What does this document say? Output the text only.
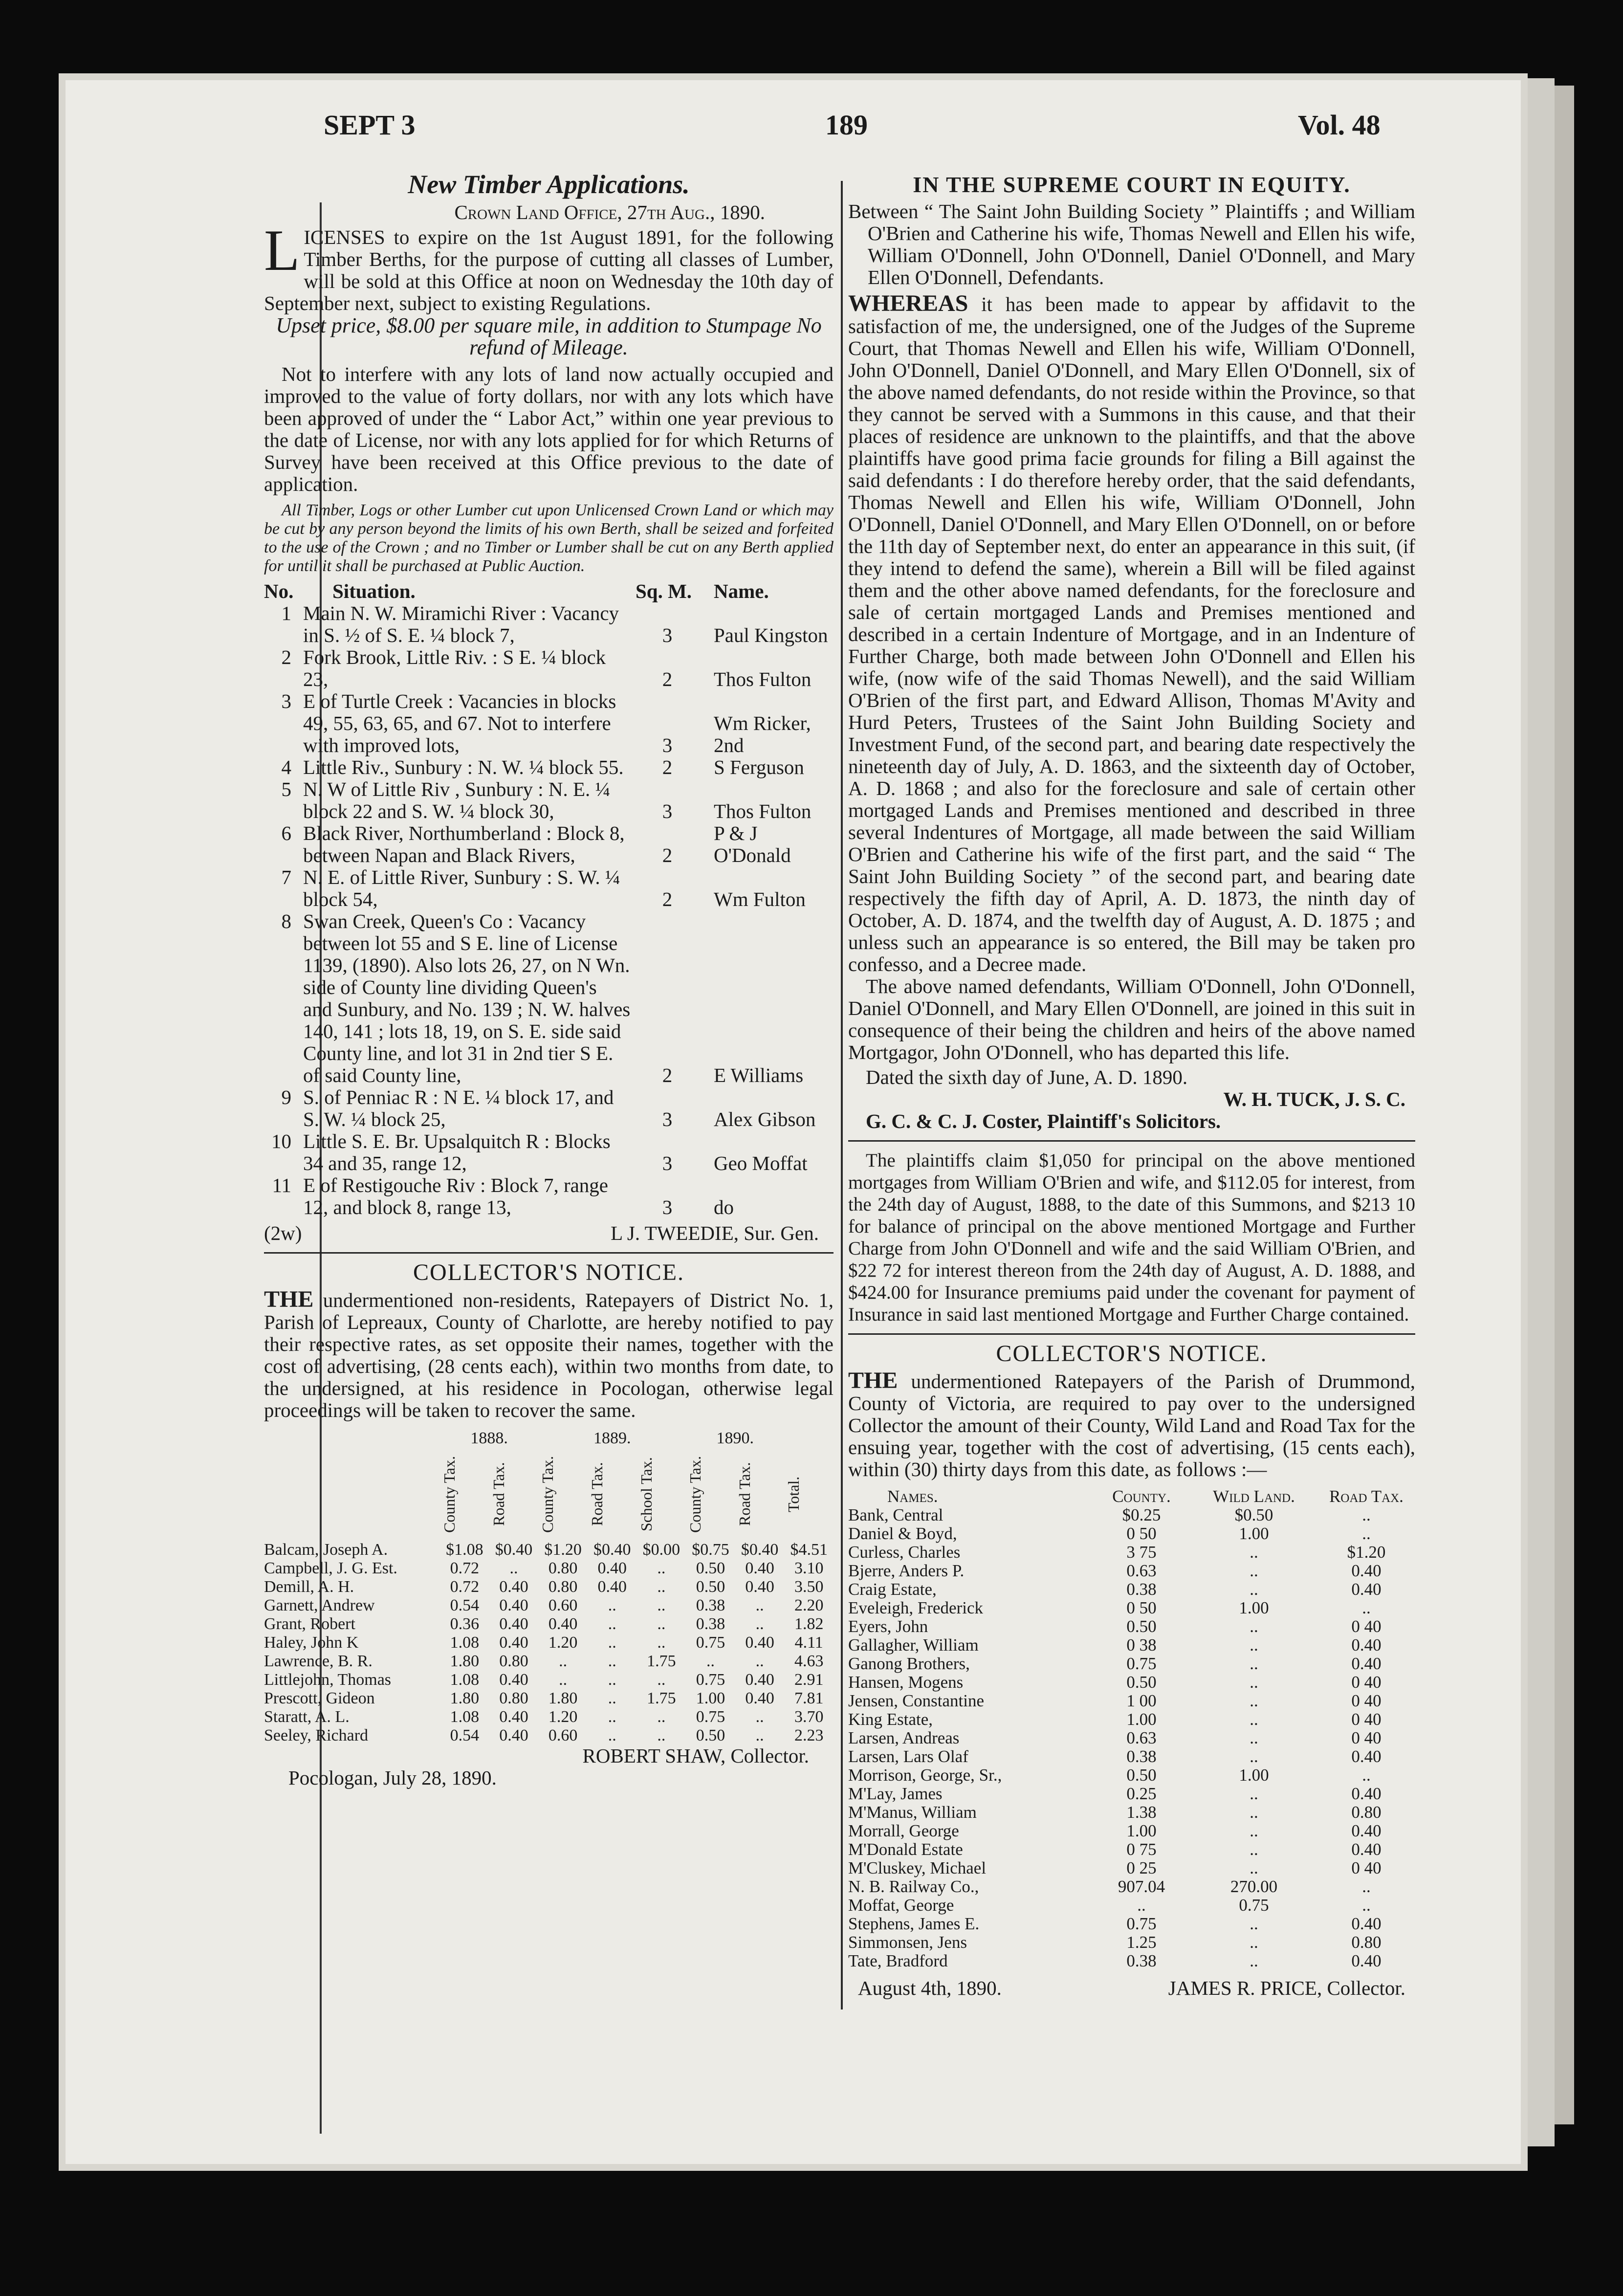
SEPT 3	189	Vol. 48
New Timber Applications.
Crown Land Office, 27th Aug., 1890.
LICENSES to expire on the 1st August 1891, for the following Timber Berths, for the purpose of cutting all classes of Lumber, will be sold at this Office at noon on Wednesday the 10th day of September next, subject to existing Regulations.
Upset price, $8.00 per square mile, in addition to Stumpage No refund of Mileage.
Not to interfere with any lots of land now actually occupied and improved to the value of forty dollars, nor with any lots which have been approved of under the “ Labor Act,” within one year previous to the date of License, nor with any lots applied for for which Returns of Survey have been received at this Office previous to the date of application.
All Timber, Logs or other Lumber cut upon Unlicensed Crown Land or which may be cut by any person beyond the limits of his own Berth, shall be seized and forfeited to the use of the Crown ; and no Timber or Lumber shall be cut on any Berth applied for until it shall be purchased at Public Auction.
No.	Situation.	Sq. M.	Name.
1	Main N. W. Miramichi River : Vacancy in S. ½ of S. E. ¼ block 7,	3	Paul Kingston
2	Fork Brook, Little Riv. : S E. ¼ block 23,	2	Thos Fulton
3	E of Turtle Creek : Vacancies in blocks 49, 55, 63, 65, and 67. Not to interfere with improved lots,	3	Wm Ricker, 2nd
4	Little Riv., Sunbury : N. W. ¼ block 55.	2	S Ferguson
5	N. W of Little Riv , Sunbury : N. E. ¼ block 22 and S. W. ¼ block 30,	3	Thos Fulton
6	Black River, Northumberland : Block 8, between Napan and Black Rivers,	2	P & J O'Donald
7	N. E. of Little River, Sunbury : S. W. ¼ block 54,	2	Wm Fulton
8	Swan Creek, Queen's Co : Vacancy between lot 55 and S E. line of License 1139, (1890). Also lots 26, 27, on N Wn. side of County line dividing Queen's and Sunbury, and No. 139 ; N. W. halves 140, 141 ; lots 18, 19, on S. E. side said County line, and lot 31 in 2nd tier S E. of said County line,	2	E Williams
9	S. of Penniac R : N E. ¼ block 17, and S. W. ¼ block 25,	3	Alex Gibson
10	Little S. E. Br. Upsalquitch R : Blocks 34 and 35, range 12,	3	Geo Moffat
11	E of Restigouche Riv : Block 7, range 12, and block 8, range 13,	3	do
(2w)	L J. TWEEDIE, Sur. Gen.
COLLECTOR'S NOTICE.
THE undermentioned non-residents, Ratepayers of District No. 1, Parish of Lepreaux, County of Charlotte, are hereby notified to pay their respective rates, as set opposite their names, together with the cost of advertising, (28 cents each), within two months from date, to the undersigned, at his residence in Pocologan, otherwise legal proceedings will be taken to recover the same.
	1888.		1889.			1890.		

	County Tax.	Road Tax.	County Tax.	Road Tax.	School Tax.	County Tax.	Road Tax.	Total.

Balcam, Joseph A.	$1.08	$0.40	$1.20	$0.40	$0.00	$0.75	$0.40	$4.51
Campbell, J. G. Est.	0.72	..	0.80	0.40	..	0.50	0.40	3.10
Demill, A. H.	0.72	0.40	0.80	0.40	..	0.50	0.40	3.50
Garnett, Andrew	0.54	0.40	0.60	..	..	0.38	..	2.20
Grant, Robert	0.36	0.40	0.40	..	..	0.38	..	1.82
Haley, John K	1.08	0.40	1.20	..	..	0.75	0.40	4.11
Lawrence, B. R.	1.80	0.80	..	..	1.75	..	..	4.63
Littlejohn, Thomas	1.08	0.40	..	..	..	0.75	0.40	2.91
Prescott, Gideon	1.80	0.80	1.80	..	1.75	1.00	0.40	7.81
Staratt, A. L.	1.08	0.40	1.20	..	..	0.75	..	3.70
Seeley, Richard	0.54	0.40	0.60	..	..	0.50	..	2.23
ROBERT SHAW, Collector.
Pocologan, July 28, 1890.
IN THE SUPREME COURT IN EQUITY.
Between “ The Saint John Building Society ” Plaintiffs ; and William O'Brien and Catherine his wife, Thomas Newell and Ellen his wife, William O'Donnell, John O'Donnell, Daniel O'Donnell, and Mary Ellen O'Donnell, Defendants.
WHEREAS it has been made to appear by affidavit to the satisfaction of me, the undersigned, one of the Judges of the Supreme Court, that Thomas Newell and Ellen his wife, William O'Donnell, John O'Donnell, Daniel O'Donnell, and Mary Ellen O'Donnell, six of the above named defendants, do not reside within the Province, so that they cannot be served with a Summons in this cause, and that their places of residence are unknown to the plaintiffs, and that the above plaintiffs have good prima facie grounds for filing a Bill against the said defendants : I do therefore hereby order, that the said defendants, Thomas Newell and Ellen his wife, William O'Donnell, John O'Donnell, Daniel O'Donnell, and Mary Ellen O'Donnell, on or before the 11th day of September next, do enter an appearance in this suit, (if they intend to defend the same), wherein a Bill will be filed against them and the other above named defendants, for the foreclosure and sale of certain mortgaged Lands and Premises mentioned and described in a certain Indenture of Mortgage, and in an Indenture of Further Charge, both made between John O'Donnell and Ellen his wife, (now wife of the said Thomas Newell), and the said William O'Brien of the first part, and Edward Allison, Thomas M'Avity and Hurd Peters, Trustees of the Saint John Building Society and Investment Fund, of the second part, and bearing date respectively the nineteenth day of July, A. D. 1863, and the sixteenth day of October, A. D. 1868 ; and also for the foreclosure and sale of certain other mortgaged Lands and Premises mentioned and described in three several Indentures of Mortgage, all made between the said William O'Brien and Catherine his wife of the first part, and the said “ The Saint John Building Society ” of the second part, and bearing date respectively the fifth day of April, A. D. 1873, the ninth day of October, A. D. 1874, and the twelfth day of August, A. D. 1875 ; and unless such an appearance is so entered, the Bill may be taken pro confesso, and a Decree made.
The above named defendants, William O'Donnell, John O'Donnell, Daniel O'Donnell, and Mary Ellen O'Donnell, are joined in this suit in consequence of their being the children and heirs of the above named Mortgagor, John O'Donnell, who has departed this life.
Dated the sixth day of June, A. D. 1890.
W. H. TUCK, J. S. C.
G. C. & C. J. Coster, Plaintiff's Solicitors.
The plaintiffs claim $1,050 for principal on the above mentioned mortgages from William O'Brien and wife, and $112.05 for interest, from the 24th day of August, 1888, to the date of this Summons, and $213 10 for balance of principal on the above mentioned Mortgage and Further Charge from John O'Donnell and wife and the said William O'Brien, and $22 72 for interest thereon from the 24th day of August, A. D. 1888, and $424.00 for Insurance premiums paid under the covenant for payment of Insurance in said last mentioned Mortgage and Further Charge contained.
COLLECTOR'S NOTICE.
THE undermentioned Ratepayers of the Parish of Drummond, County of Victoria, are required to pay over to the undersigned Collector the amount of their County, Wild Land and Road Tax for the ensuing year, together with the cost of advertising, (15 cents each), within (30) thirty days from this date, as follows :—
Names.	County.	Wild Land.	Road Tax.
Bank, Central	$0.25	$0.50	..
Daniel & Boyd,	0 50	1.00	..
Curless, Charles	3 75	..	$1.20
Bjerre, Anders P.	0.63	..	0.40
Craig Estate,	0.38	..	0.40
Eveleigh, Frederick	0 50	1.00	..
Eyers, John	0.50	..	0 40
Gallagher, William	0 38	..	0.40
Ganong Brothers,	0.75	..	0.40
Hansen, Mogens	0.50	..	0 40
Jensen, Constantine	1 00	..	0 40
King Estate,	1.00	..	0 40
Larsen, Andreas	0.63	..	0 40
Larsen, Lars Olaf	0.38	..	0.40
Morrison, George, Sr.,	0.50	1.00	..
M'Lay, James	0.25	..	0.40
M'Manus, William	1.38	..	0.80
Morrall, George	1.00	..	0.40
M'Donald Estate	0 75	..	0.40
M'Cluskey, Michael	0 25	..	0 40
N. B. Railway Co.,	907.04	270.00	..
Moffat, George	..	0.75	..
Stephens, James E.	0.75	..	0.40
Simmonsen, Jens	1.25	..	0.80
Tate, Bradford	0.38	..	0.40
August 4th, 1890.	JAMES R. PRICE, Collector.
